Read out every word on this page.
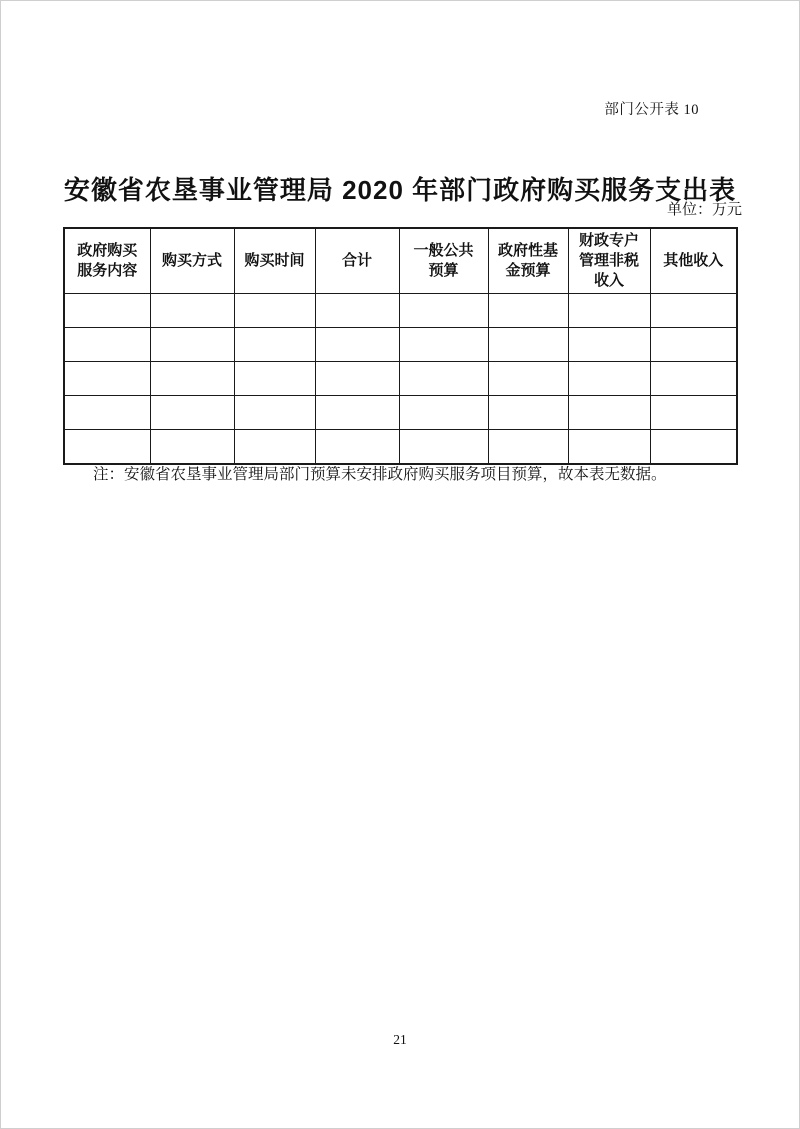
部门公开表 10
安徽省农垦事业管理局 2020 年部门政府购买服务支出表
单位：万元
政府购买服务内容	购买方式	购买时间	合计	一般公共预算	政府性基金预算	财政专户管理非税收入	其他收入

注：安徽省农垦事业管理局部门预算未安排政府购买服务项目预算，故本表无数据。
21
